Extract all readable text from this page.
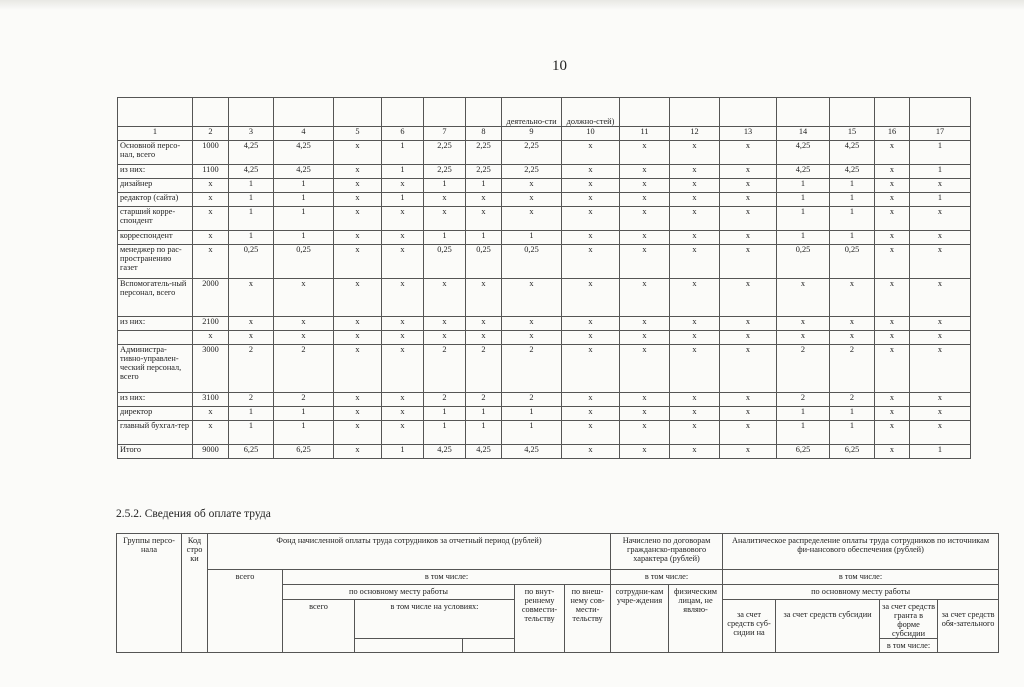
10
								деятельно-сти	должно-стей)							
1	2	3	4	5	6	7	8	9	10	11	12	13	14	15	16	17
Основной персо-нал, всего	1000	4,25	4,25	x	1	2,25	2,25	2,25	x	x	x	x	4,25	4,25	x	1
из них:	1100	4,25	4,25	x	1	2,25	2,25	2,25	x	x	x	x	4,25	4,25	x	1
дизайнер	x	1	1	x	x	1	1	x	x	x	x	x	1	1	x	x
редактор (сайта)	x	1	1	x	1	x	x	x	x	x	x	x	1	1	x	1
старший корре-спондент	x	1	1	x	x	x	x	x	x	x	x	x	1	1	x	x
корреспондент	x	1	1	x	x	1	1	1	x	x	x	x	1	1	x	x
менеджер по рас-пространению газет	x	0,25	0,25	x	x	0,25	0,25	0,25	x	x	x	x	0,25	0,25	x	x
Вспомогатель-ный персонал, всего	2000	x	x	x	x	x	x	x	x	x	x	x	x	x	x	x
из них:	2100	x	x	x	x	x	x	x	x	x	x	x	x	x	x	x
	x	x	x	x	x	x	x	x	x	x	x	x	x	x	x	x
Администра-тивно-управлен-ческий персонал, всего	3000	2	2	x	x	2	2	2	x	x	x	x	2	2	x	x
из них:	3100	2	2	x	x	2	2	2	x	x	x	x	2	2	x	x
директор	x	1	1	x	x	1	1	1	x	x	x	x	1	1	x	x
главный бухгал-тер	x	1	1	x	x	1	1	1	x	x	x	x	1	1	x	x
Итого	9000	6,25	6,25	x	1	4,25	4,25	4,25	x	x	x	x	6,25	6,25	x	1
2.5.2. Сведения об оплате труда
Группы персо-нала	Код стро ки	Фонд начисленной оплаты труда сотрудников за отчетный период (рублей)						Начислено по договорам гражданско-правового характера (рублей)		Аналитическое распределение оплаты труда сотрудников по источникам фи-нансового обеспечения (рублей)				
		всего	в том числе:					в том числе:		в том числе:				
			по основному месту работы			по внут-реннему совмести-тельству	по внеш-нему сов-мести-тельству	сотрудни-кам учре-ждения	физическим лицам, не являю-	по основному месту работы				
			всего	в том числе на условиях:						за счет средств суб-сидии на	за счет средств субсидии	за счет средств гранта в форме субсидии	за счет средств обя-зательного	
												в том числе:		
